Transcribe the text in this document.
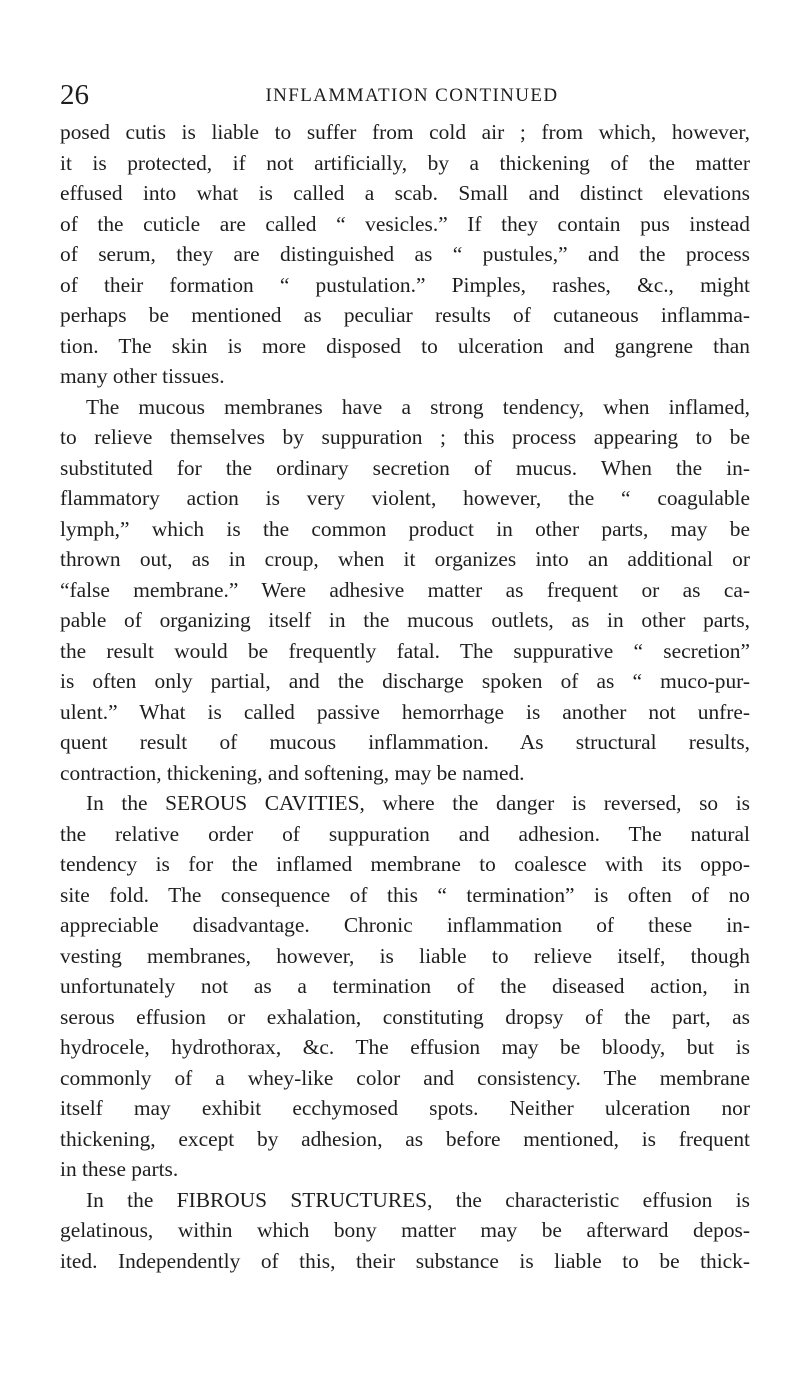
26	INFLAMMATION CONTINUED
posed cutis is liable to suffer from cold air ; from which, however,
it is protected, if not artificially, by a thickening of the matter
effused into what is called a scab. Small and distinct elevations
of the cuticle are called “ vesicles.” If they contain pus instead
of serum, they are distinguished as “ pustules,” and the process
of their formation “ pustulation.” Pimples, rashes, &c., might
perhaps be mentioned as peculiar results of cutaneous inflamma-
tion. The skin is more disposed to ulceration and gangrene than
many other tissues.
The mucous membranes have a strong tendency, when inflamed,
to relieve themselves by suppuration ; this process appearing to be
substituted for the ordinary secretion of mucus. When the in-
flammatory action is very violent, however, the “ coagulable
lymph,” which is the common product in other parts, may be
thrown out, as in croup, when it organizes into an additional or
“false membrane.” Were adhesive matter as frequent or as ca-
pable of organizing itself in the mucous outlets, as in other parts,
the result would be frequently fatal. The suppurative “ secretion”
is often only partial, and the discharge spoken of as “ muco-pur-
ulent.” What is called passive hemorrhage is another not unfre-
quent result of mucous inflammation. As structural results,
contraction, thickening, and softening, may be named.
In the SEROUS CAVITIES, where the danger is reversed, so is
the relative order of suppuration and adhesion. The natural
tendency is for the inflamed membrane to coalesce with its oppo-
site fold. The consequence of this “ termination” is often of no
appreciable disadvantage. Chronic inflammation of these in-
vesting membranes, however, is liable to relieve itself, though
unfortunately not as a termination of the diseased action, in
serous effusion or exhalation, constituting dropsy of the part, as
hydrocele, hydrothorax, &c. The effusion may be bloody, but is
commonly of a whey-like color and consistency. The membrane
itself may exhibit ecchymosed spots. Neither ulceration nor
thickening, except by adhesion, as before mentioned, is frequent
in these parts.
In the FIBROUS STRUCTURES, the characteristic effusion is
gelatinous, within which bony matter may be afterward depos-
ited. Independently of this, their substance is liable to be thick-
